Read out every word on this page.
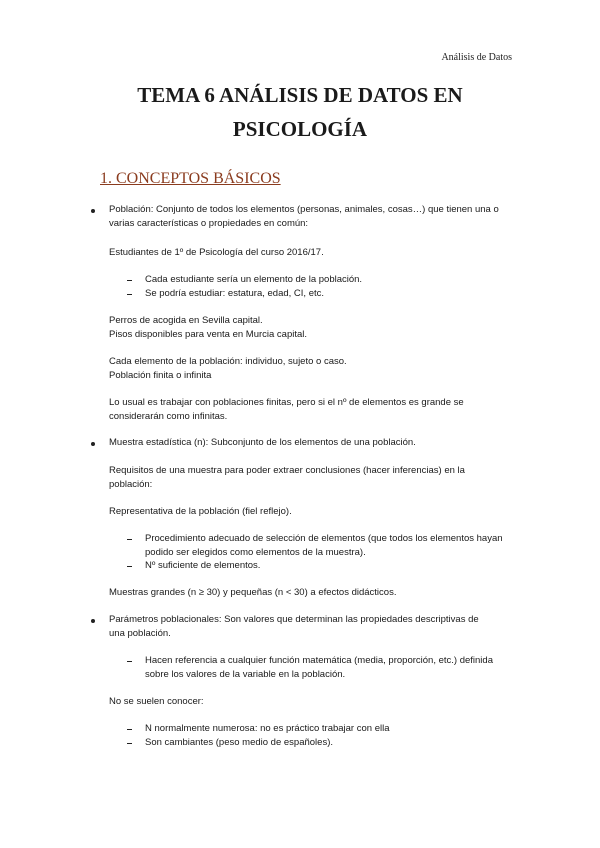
Análisis de Datos
TEMA 6 ANÁLISIS DE DATOS EN
PSICOLOGÍA
1. CONCEPTOS BÁSICOS
Población: Conjunto de todos los elementos (personas, animales, cosas…) que tienen una o
varias características o propiedades en común:
Estudiantes de 1º de Psicología del curso 2016/17.
Cada estudiante sería un elemento de la población.
Se podría estudiar: estatura, edad, CI, etc.
Perros de acogida en Sevilla capital.
Pisos disponibles para venta en Murcia capital.
Cada elemento de la población: individuo, sujeto o caso.
Población finita o infinita
Lo usual es trabajar con poblaciones finitas, pero si el nº de elementos es grande se
considerarán como infinitas.
Muestra estadística (n): Subconjunto de los elementos de una población.
Requisitos de una muestra para poder extraer conclusiones (hacer inferencias) en la
población:
Representativa de la población (fiel reflejo).
Procedimiento adecuado de selección de elementos (que todos los elementos hayan
podido ser elegidos como elementos de la muestra).
Nº suficiente de elementos.
Muestras grandes (n ≥ 30) y pequeñas (n < 30) a efectos didácticos.
Parámetros poblacionales: Son valores que determinan las propiedades descriptivas de
una población.
Hacen referencia a cualquier función matemática (media, proporción, etc.) definida
sobre los valores de la variable en la población.
No se suelen conocer:
N normalmente numerosa: no es práctico trabajar con ella
Son cambiantes (peso medio de españoles).
